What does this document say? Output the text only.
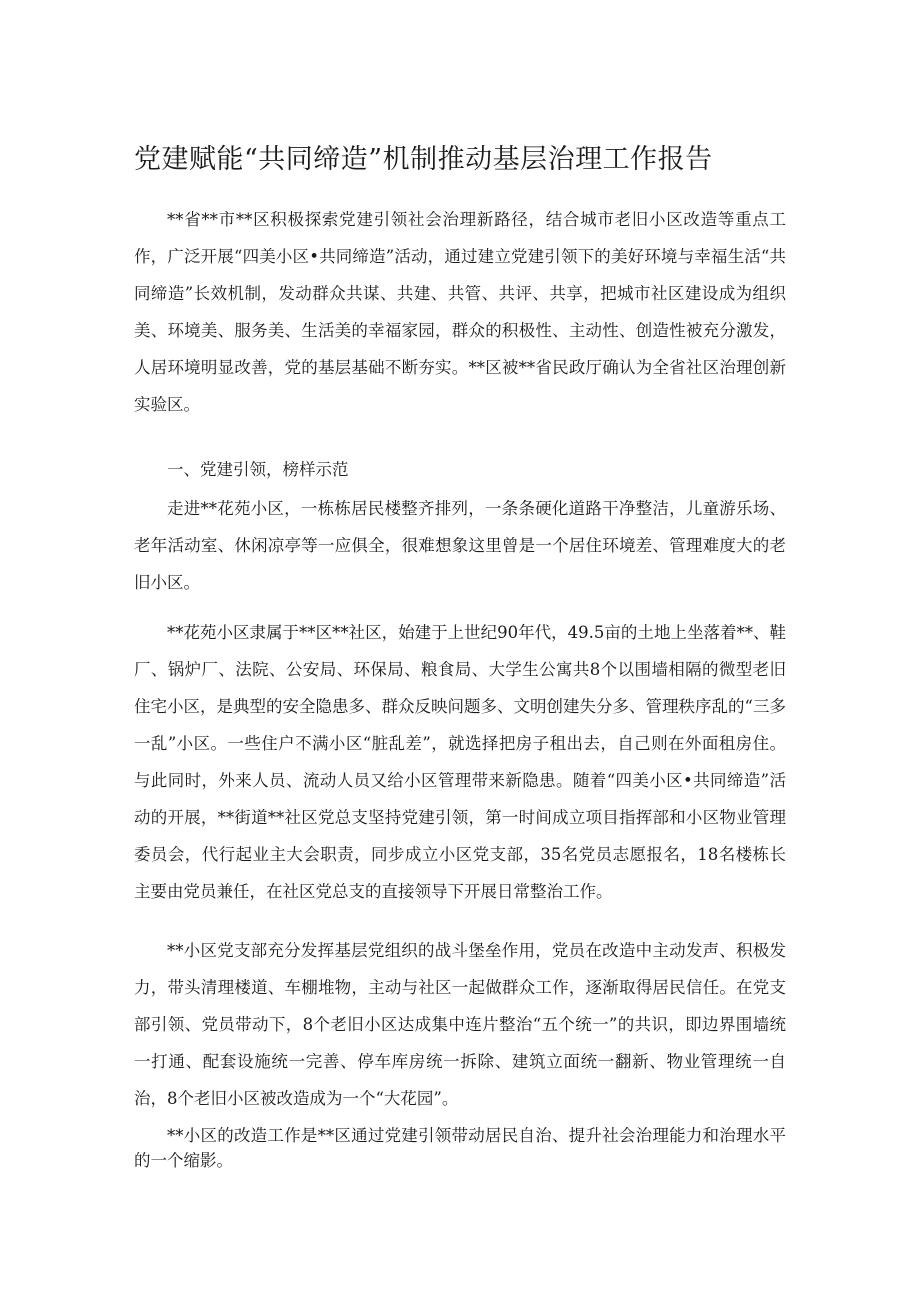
党建赋能“共同缔造”机制推动基层治理工作报告

**省**市**区积极探索党建引领社会治理新路径，结合城市老旧小区改造等重点工作，广泛开展“四美小区•共同缔造”活动，通过建立党建引领下的美好环境与幸福生活“共同缔造”长效机制，发动群众共谋、共建、共管、共评、共享，把城市社区建设成为组织美、环境美、服务美、生活美的幸福家园，群众的积极性、主动性、创造性被充分激发，人居环境明显改善，党的基层基础不断夯实。**区被**省民政厅确认为全省社区治理创新实验区。

一、党建引领，榜样示范

走进**花苑小区，一栋栋居民楼整齐排列，一条条硬化道路干净整洁，儿童游乐场、老年活动室、休闲凉亭等一应俱全，很难想象这里曾是一个居住环境差、管理难度大的老旧小区。

**花苑小区隶属于**区**社区，始建于上世纪90年代，49.5亩的土地上坐落着**、鞋厂、锅炉厂、法院、公安局、环保局、粮食局、大学生公寓共8个以围墙相隔的微型老旧住宅小区，是典型的安全隐患多、群众反映问题多、文明创建失分多、管理秩序乱的“三多一乱”小区。一些住户不满小区“脏乱差”，就选择把房子租出去，自己则在外面租房住。与此同时，外来人员、流动人员又给小区管理带来新隐患。随着“四美小区•共同缔造”活动的开展，**街道**社区党总支坚持党建引领，第一时间成立项目指挥部和小区物业管理委员会，代行起业主大会职责，同步成立小区党支部，35名党员志愿报名，18名楼栋长主要由党员兼任，在社区党总支的直接领导下开展日常整治工作。

**小区党支部充分发挥基层党组织的战斗堡垒作用，党员在改造中主动发声、积极发力，带头清理楼道、车棚堆物，主动与社区一起做群众工作，逐渐取得居民信任。在党支部引领、党员带动下，8个老旧小区达成集中连片整治“五个统一”的共识，即边界围墙统一打通、配套设施统一完善、停车库房统一拆除、建筑立面统一翻新、物业管理统一自治，8个老旧小区被改造成为一个“大花园”。

**小区的改造工作是**区通过党建引领带动居民自治、提升社会治理能力和治理水平的一个缩影。
